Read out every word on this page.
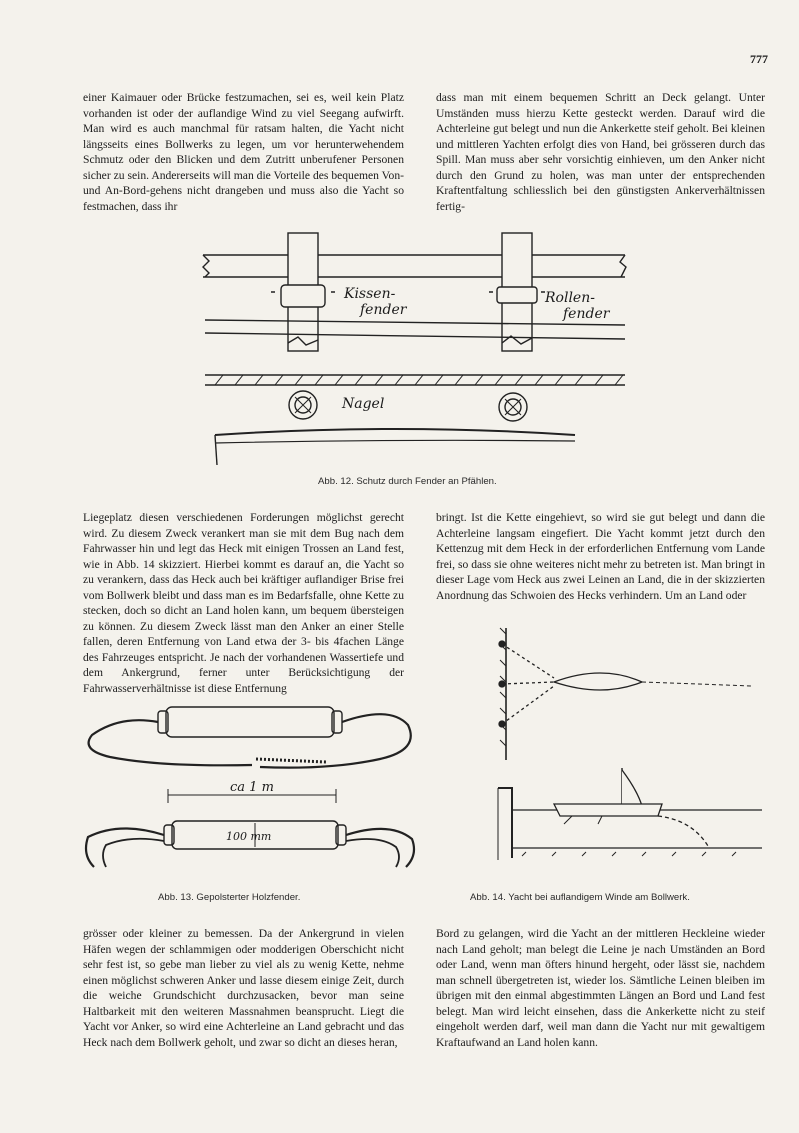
777

einer Kaimauer oder Brücke festzumachen, sei es, weil kein Platz vorhanden ist oder der auflandige Wind zu viel Seegang aufwirft. Man wird es auch manchmal für ratsam halten, die Yacht nicht längsseits eines Bollwerks zu legen, um vor herunterwehendem Schmutz oder den Blicken und dem Zutritt unberufener Personen sicher zu sein. Andererseits will man die Vorteile des bequemen Von- und An-Bord-gehens nicht drangeben und muss also die Yacht so festmachen, dass ihr

dass man mit einem bequemen Schritt an Deck gelangt. Unter Umständen muss hierzu Kette gesteckt werden. Darauf wird die Achterleine gut belegt und nun die Ankerkette steif geholt. Bei kleinen und mittleren Yachten erfolgt dies von Hand, bei grösseren durch das Spill. Man muss aber sehr vorsichtig einhieven, um den Anker nicht durch den Grund zu holen, was man unter der entsprechenden Kraftentfaltung schliesslich bei den günstigsten Ankerverhältnissen fertig-

Kissen-
fender
Rollen-
fender
Nagel
Abb. 12. Schutz durch Fender an Pfählen.

Liegeplatz diesen verschiedenen Forderungen möglichst gerecht wird. Zu diesem Zweck verankert man sie mit dem Bug nach dem Fahrwasser hin und legt das Heck mit einigen Trossen an Land fest, wie in Abb. 14 skizziert. Hierbei kommt es darauf an, die Yacht so zu verankern, dass das Heck auch bei kräftiger auflandiger Brise frei vom Bollwerk bleibt und dass man es im Bedarfsfalle, ohne Kette zu stecken, doch so dicht an Land holen kann, um bequem übersteigen zu können. Zu diesem Zweck lässt man den Anker an einer Stelle fallen, deren Entfernung von Land etwa der 3- bis 4fachen Länge des Fahrzeuges entspricht. Je nach der vorhandenen Wassertiefe und dem Ankergrund, ferner unter Berücksichtigung der Fahrwasserverhältnisse ist diese Entfernung

bringt. Ist die Kette eingehievt, so wird sie gut belegt und dann die Achterleine langsam eingefiert. Die Yacht kommt jetzt durch den Kettenzug mit dem Heck in der erforderlichen Entfernung vom Lande frei, so dass sie ohne weiteres nicht mehr zu betreten ist. Man bringt in dieser Lage vom Heck aus zwei Leinen an Land, die in der skizzierten Anordnung das Schwoien des Hecks verhindern. Um an Land oder

ca 1 m
100 mm
Abb. 13. Gepolsterter Holzfender.	Abb. 14. Yacht bei auflandigem Winde am Bollwerk.

grösser oder kleiner zu bemessen. Da der Ankergrund in vielen Häfen wegen der schlammigen oder modderigen Oberschicht nicht sehr fest ist, so gebe man lieber zu viel als zu wenig Kette, nehme einen möglichst schweren Anker und lasse diesem einige Zeit, durch die weiche Grundschicht durchzusacken, bevor man seine Haltbarkeit mit den weiteren Massnahmen beansprucht. Liegt die Yacht vor Anker, so wird eine Achterleine an Land gebracht und das Heck nach dem Bollwerk geholt, und zwar so dicht an dieses heran,

Bord zu gelangen, wird die Yacht an der mittleren Heckleine wieder nach Land geholt; man belegt die Leine je nach Umständen an Bord oder Land, wenn man öfters hinund hergeht, oder lässt sie, nachdem man schnell übergetreten ist, wieder los. Sämtliche Leinen bleiben im übrigen mit den einmal abgestimmten Längen an Bord und Land fest belegt. Man wird leicht einsehen, dass die Ankerkette nicht zu steif eingeholt werden darf, weil man dann die Yacht nur mit gewaltigem Kraftaufwand an Land holen kann.
